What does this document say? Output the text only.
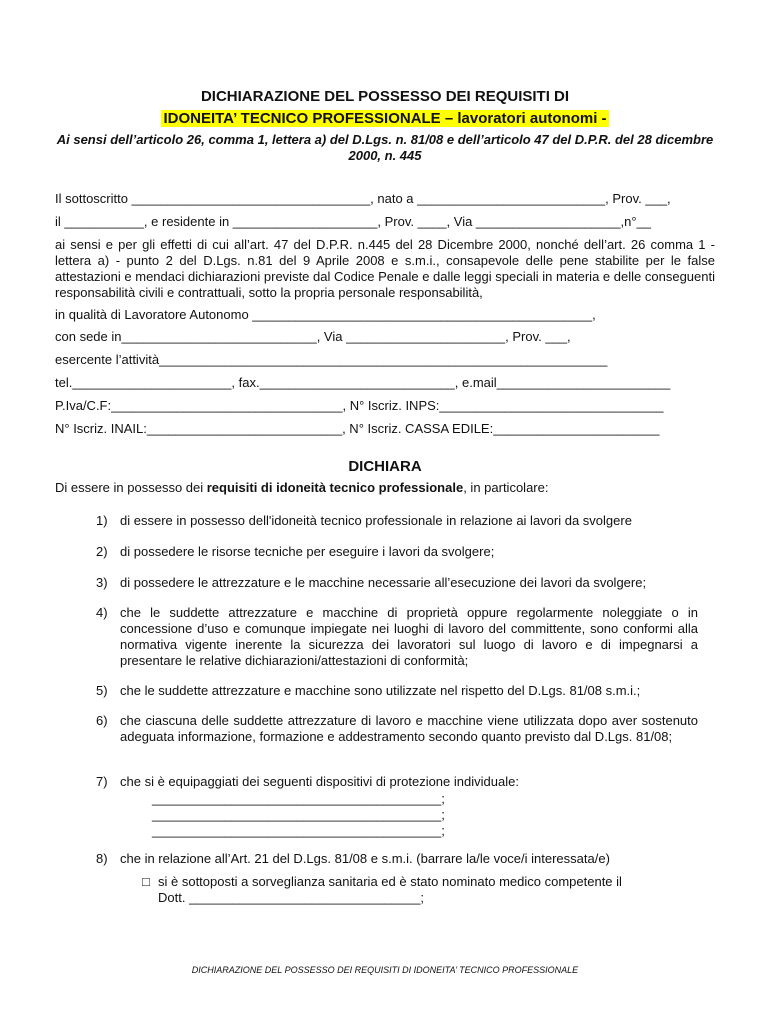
DICHIARAZIONE DEL POSSESSO DEI REQUISITI DI
IDONEITA’ TECNICO PROFESSIONALE – lavoratori autonomi -
Ai sensi dell’articolo 26, comma 1, lettera a) del D.Lgs. n. 81/08 e dell’articolo 47 del D.P.R. del 28 dicembre 2000, n. 445
Il sottoscritto _________________________________, nato a __________________________, Prov. ___,
il ___________, e residente in ____________________, Prov. ____, Via ____________________,n°__
ai sensi e per gli effetti di cui all’art. 47 del D.P.R. n.445 del 28 Dicembre 2000, nonché dell’art. 26 comma 1 - lettera a) - punto 2 del D.Lgs. n.81 del 9 Aprile 2008 e s.m.i., consapevole delle pene stabilite per le false attestazioni e mendaci dichiarazioni previste dal Codice Penale e dalle leggi speciali in materia e delle conseguenti responsabilità civili e contrattuali, sotto la propria personale responsabilità,
in qualità di Lavoratore Autonomo _______________________________________________,
con sede in___________________________, Via ______________________, Prov. ___,
esercente l’attività______________________________________________________________
tel.______________________, fax.___________________________, e.mail________________________
P.Iva/C.F:________________________________, N° Iscriz. INPS:_______________________________
N° Iscriz. INAIL:___________________________, N° Iscriz. CASSA EDILE:_______________________
DICHIARA
Di essere in possesso dei requisiti di idoneità tecnico professionale, in particolare:
1) di essere in possesso dell'idoneità tecnico professionale in relazione ai lavori da svolgere
2) di possedere le risorse tecniche per eseguire i lavori da svolgere;
3) di possedere le attrezzature e le macchine necessarie all’esecuzione dei lavori da svolgere;
4) che le suddette attrezzature e macchine di proprietà oppure regolarmente noleggiate o in concessione d’uso e comunque impiegate nei luoghi di lavoro del committente, sono conformi alla normativa vigente inerente la sicurezza dei lavoratori sul luogo di lavoro e di impegnarsi a presentare le relative dichiarazioni/attestazioni di conformità;
5) che le suddette attrezzature e macchine sono utilizzate nel rispetto del D.Lgs. 81/08 s.m.i.;
6) che ciascuna delle suddette attrezzature di lavoro e macchine viene utilizzata dopo aver sostenuto adeguata informazione, formazione e addestramento secondo quanto previsto dal D.Lgs. 81/08;
7) che si è equipaggiati dei seguenti dispositivi di protezione individuale:
________________________________________;
________________________________________;
________________________________________;
8) che in relazione all’Art. 21 del D.Lgs. 81/08 e s.m.i. (barrare la/le voce/i interessata/e)
□ si è sottoposti a sorveglianza sanitaria ed è stato nominato medico competente il
Dott. ________________________________;
DICHIARAZIONE DEL POSSESSO DEI REQUISITI DI IDONEITA’ TECNICO PROFESSIONALE
